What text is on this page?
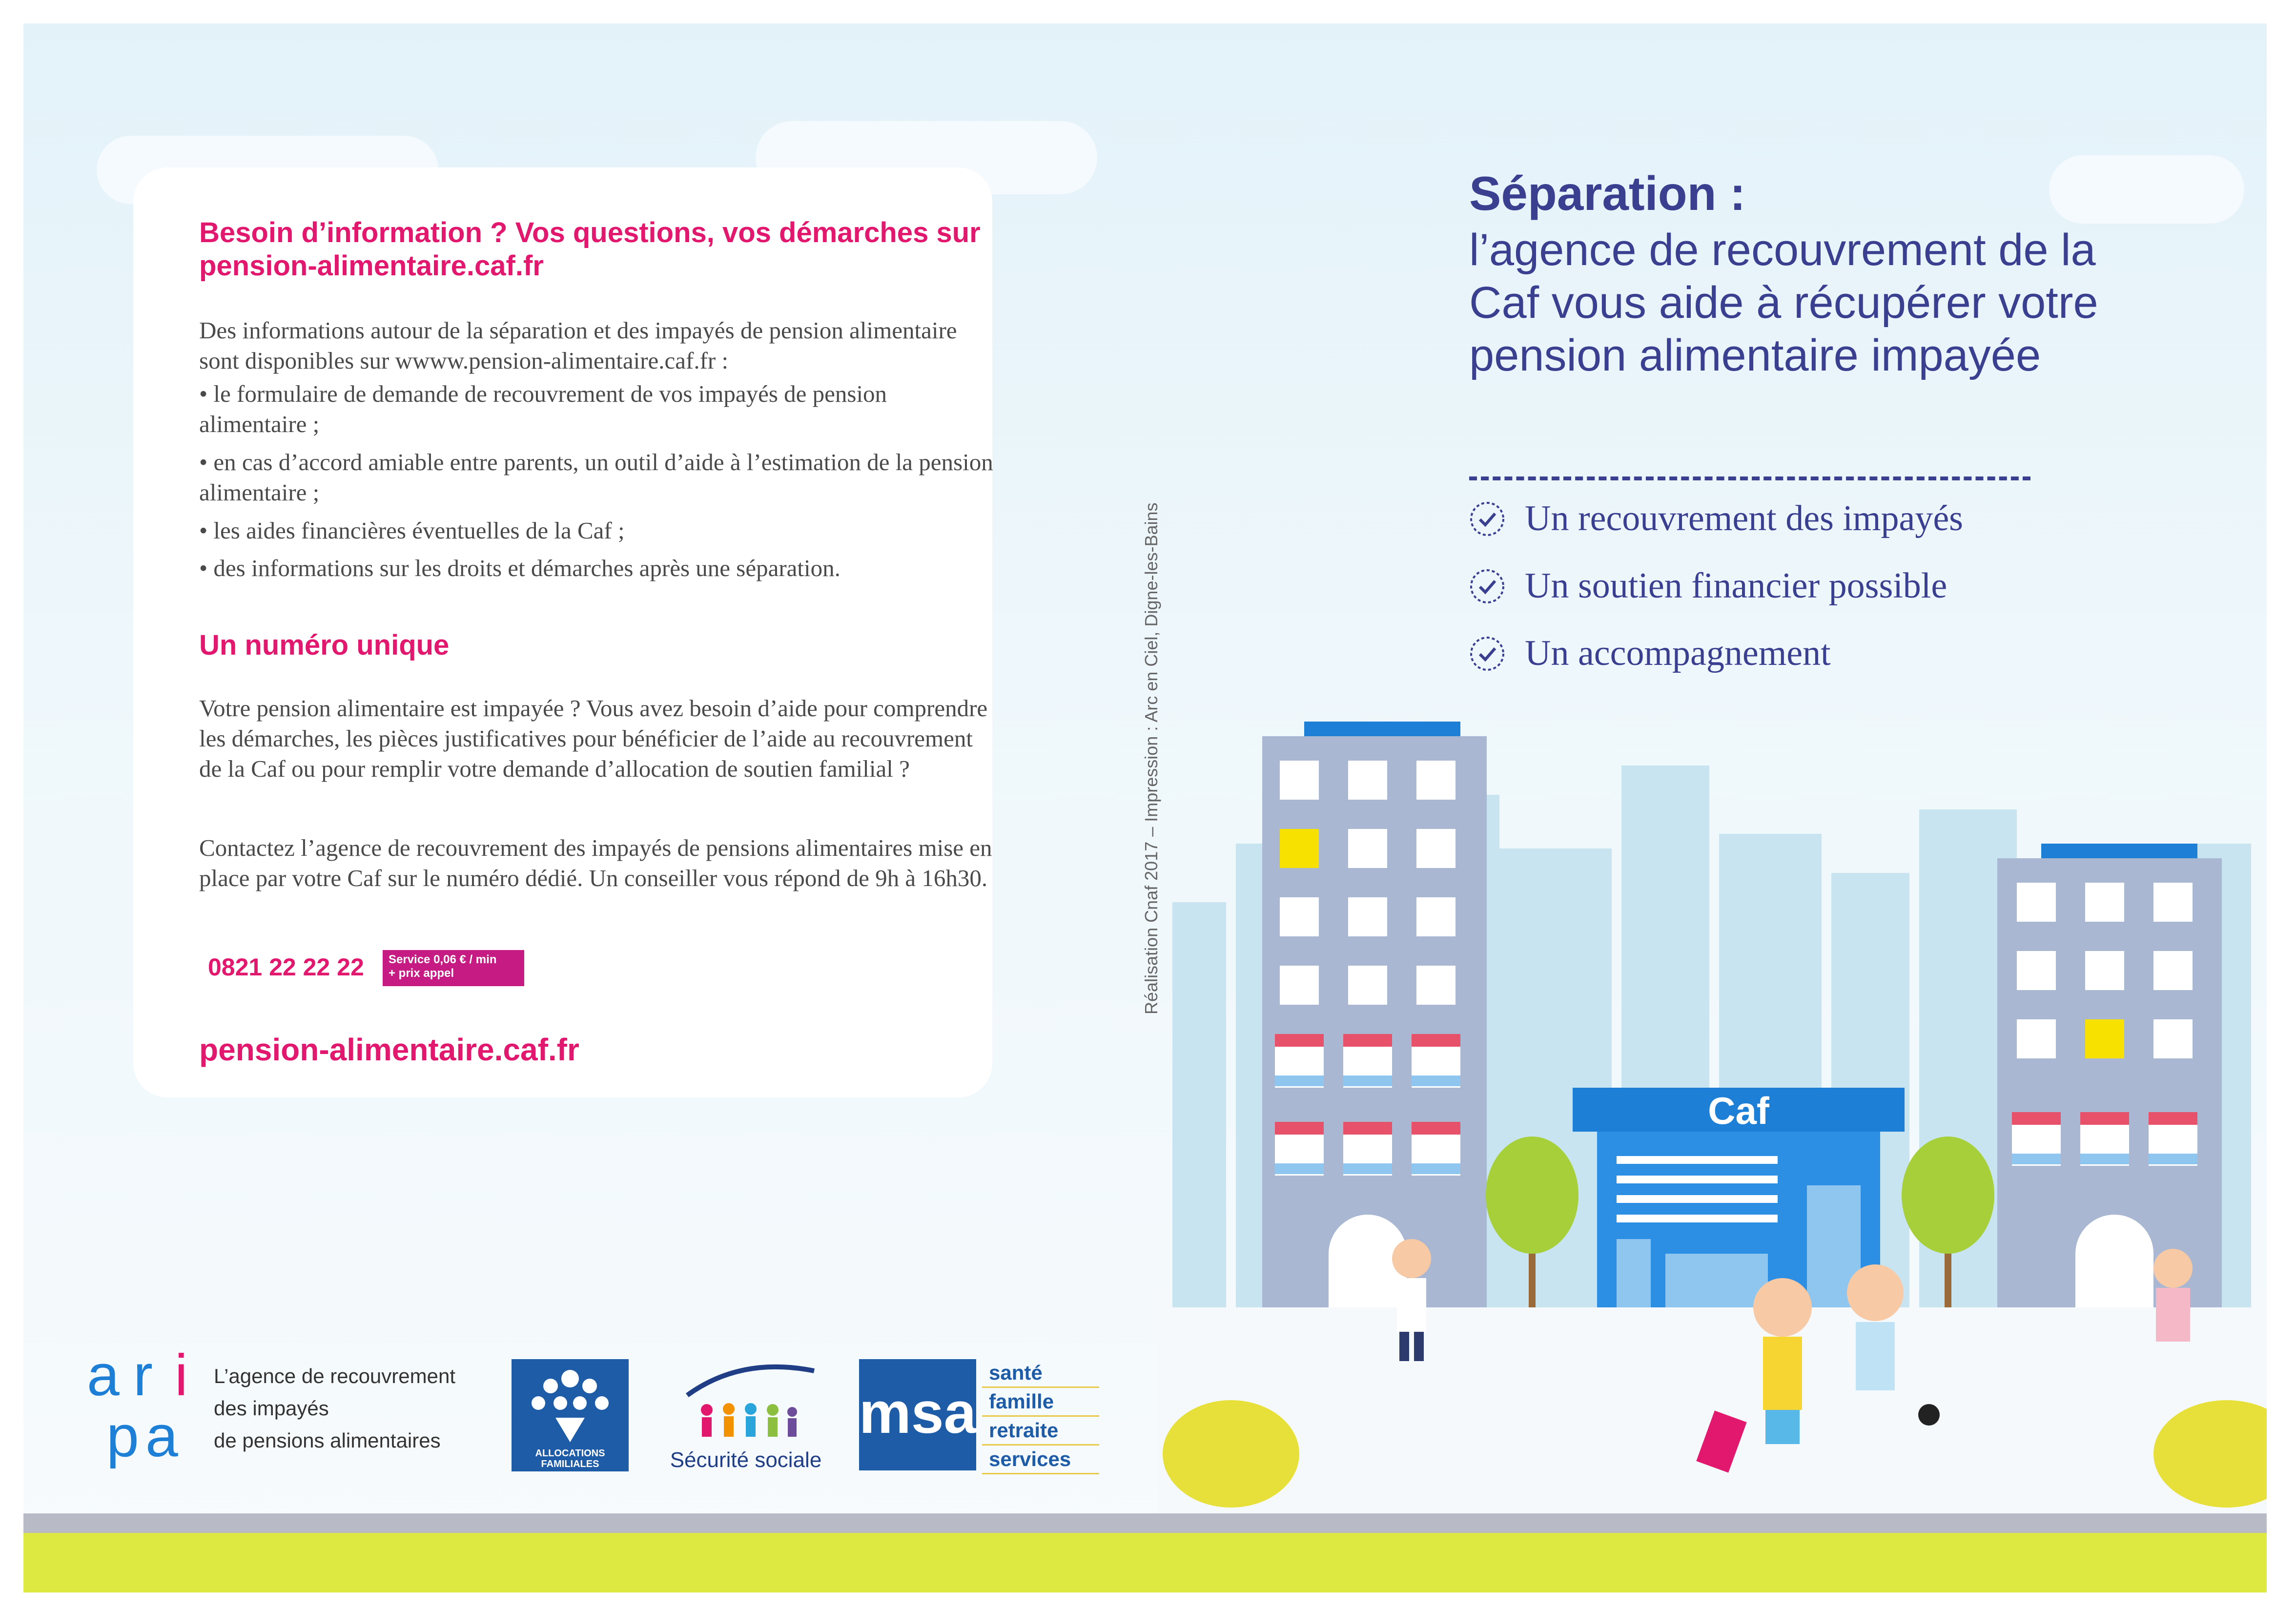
Caf
Besoin d’information ? Vos questions, vos démarches sur pension-alimentaire.caf.fr

Des informations autour de la séparation et des impayés de pension alimentaire sont disponibles sur wwww.pension-alimentaire.caf.fr :

• le formulaire de demande de recouvrement de vos impayés de pension alimentaire ;

• en cas d’accord amiable entre parents, un outil d’aide à l’estimation de la pension alimentaire ;

• les aides financières éventuelles de la Caf ;

• des informations sur les droits et démarches après une séparation.

Un numéro unique

Votre pension alimentaire est impayée ? Vous avez besoin d’aide pour comprendre les démarches, les pièces justificatives pour bénéficier de l’aide au recouvrement de la Caf ou pour remplir votre demande d’allocation de soutien familial ?

Contactez l’agence de recouvrement des impayés de pensions alimentaires mise en place par votre Caf sur le numéro dédié. Un conseiller vous répond de 9h à 16h30.

0821 22 22 22 Service 0,06 € / min
+ prix appel
pension-alimentaire.caf.fr
Réalisation Cnaf 2017 – Impression : Arc en Ciel, Digne-les-Bains
Séparation :

l’agence de recouvrement de la Caf vous aide à récupérer votre pension alimentaire impayée

Un recouvrement des impayés
Un soutien financier possible
Un accompagnement
a r i
p a
L’agence de recouvrement
des impayés
de pensions alimentaires
ALLOCATIONS
FAMILIALES	Sécurité sociale
msa
santé
famille
retraite
services
